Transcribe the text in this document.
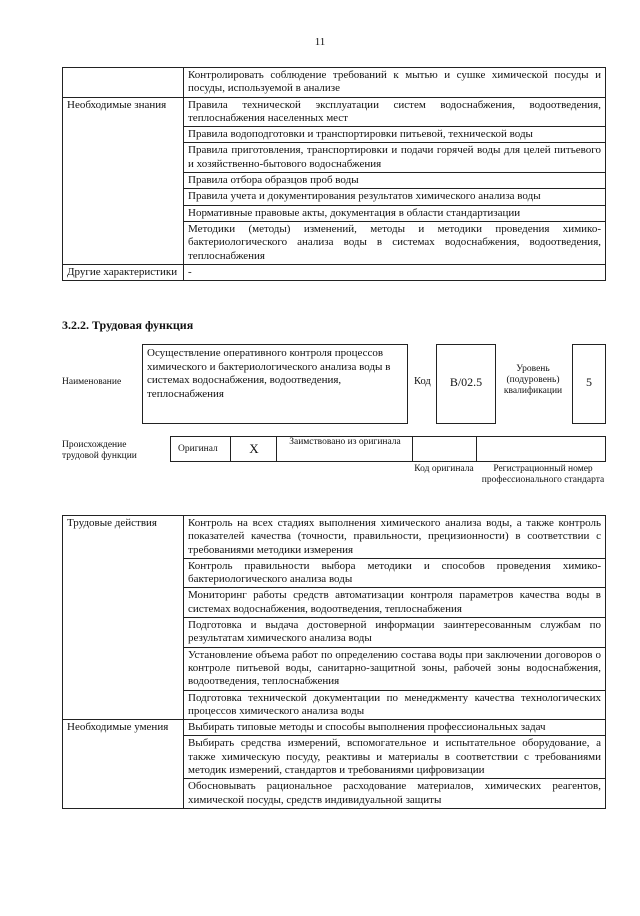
11
	Контролировать соблюдение требований к мытью и сушке химической посуды и посуды, используемой в анализе
Необходимые знания	Правила технической эксплуатации систем водоснабжения, водоотведения, теплоснабжения населенных мест
	Правила водоподготовки и транспортировки питьевой, технической воды
	Правила приготовления, транспортировки и подачи горячей воды для целей питьевого и хозяйственно-бытового водоснабжения
	Правила отбора образцов проб воды
	Правила учета и документирования результатов химического анализа воды
	Нормативные правовые акты, документация в области стандартизации
	Методики (методы) изменений, методы и методики проведения химико-бактериологического анализа воды в системах водоснабжения, водоотведения, теплоснабжения
Другие характеристики	-
3.2.2. Трудовая функция
Наименование
Осуществление оперативного контроля процессов химического и бактериологического анализа воды в системах водоснабжения, водоотведения, теплоснабжения
Код	B/02.5
Уровень (подуровень) квалификации
5
Происхождение трудовой функции
Оригинал	X	Заимствовано из оригинала
Код оригинала	Регистрационный номер профессионального стандарта
Трудовые действия	Контроль на всех стадиях выполнения химического анализа воды, а также контроль показателей качества (точности, правильности, прецизионности) в соответствии с требованиями методики измерения
	Контроль правильности выбора методики и способов проведения химико-бактериологического анализа воды
	Мониторинг работы средств автоматизации контроля параметров качества воды в системах водоснабжения, водоотведения, теплоснабжения
	Подготовка и выдача достоверной информации заинтересованным службам по результатам химического анализа воды
	Установление объема работ по определению состава воды при заключении договоров о контроле питьевой воды, санитарно-защитной зоны, рабочей зоны водоснабжения, водоотведения, теплоснабжения
	Подготовка технической документации по менеджменту качества технологических процессов химического анализа воды
Необходимые умения	Выбирать типовые методы и способы выполнения профессиональных задач
	Выбирать средства измерений, вспомогательное и испытательное оборудование, а также химическую посуду, реактивы и материалы в соответствии с требованиями методик измерений, стандартов и требованиями цифровизации
	Обосновывать рациональное расходование материалов, химических реагентов, химической посуды, средств индивидуальной защиты
